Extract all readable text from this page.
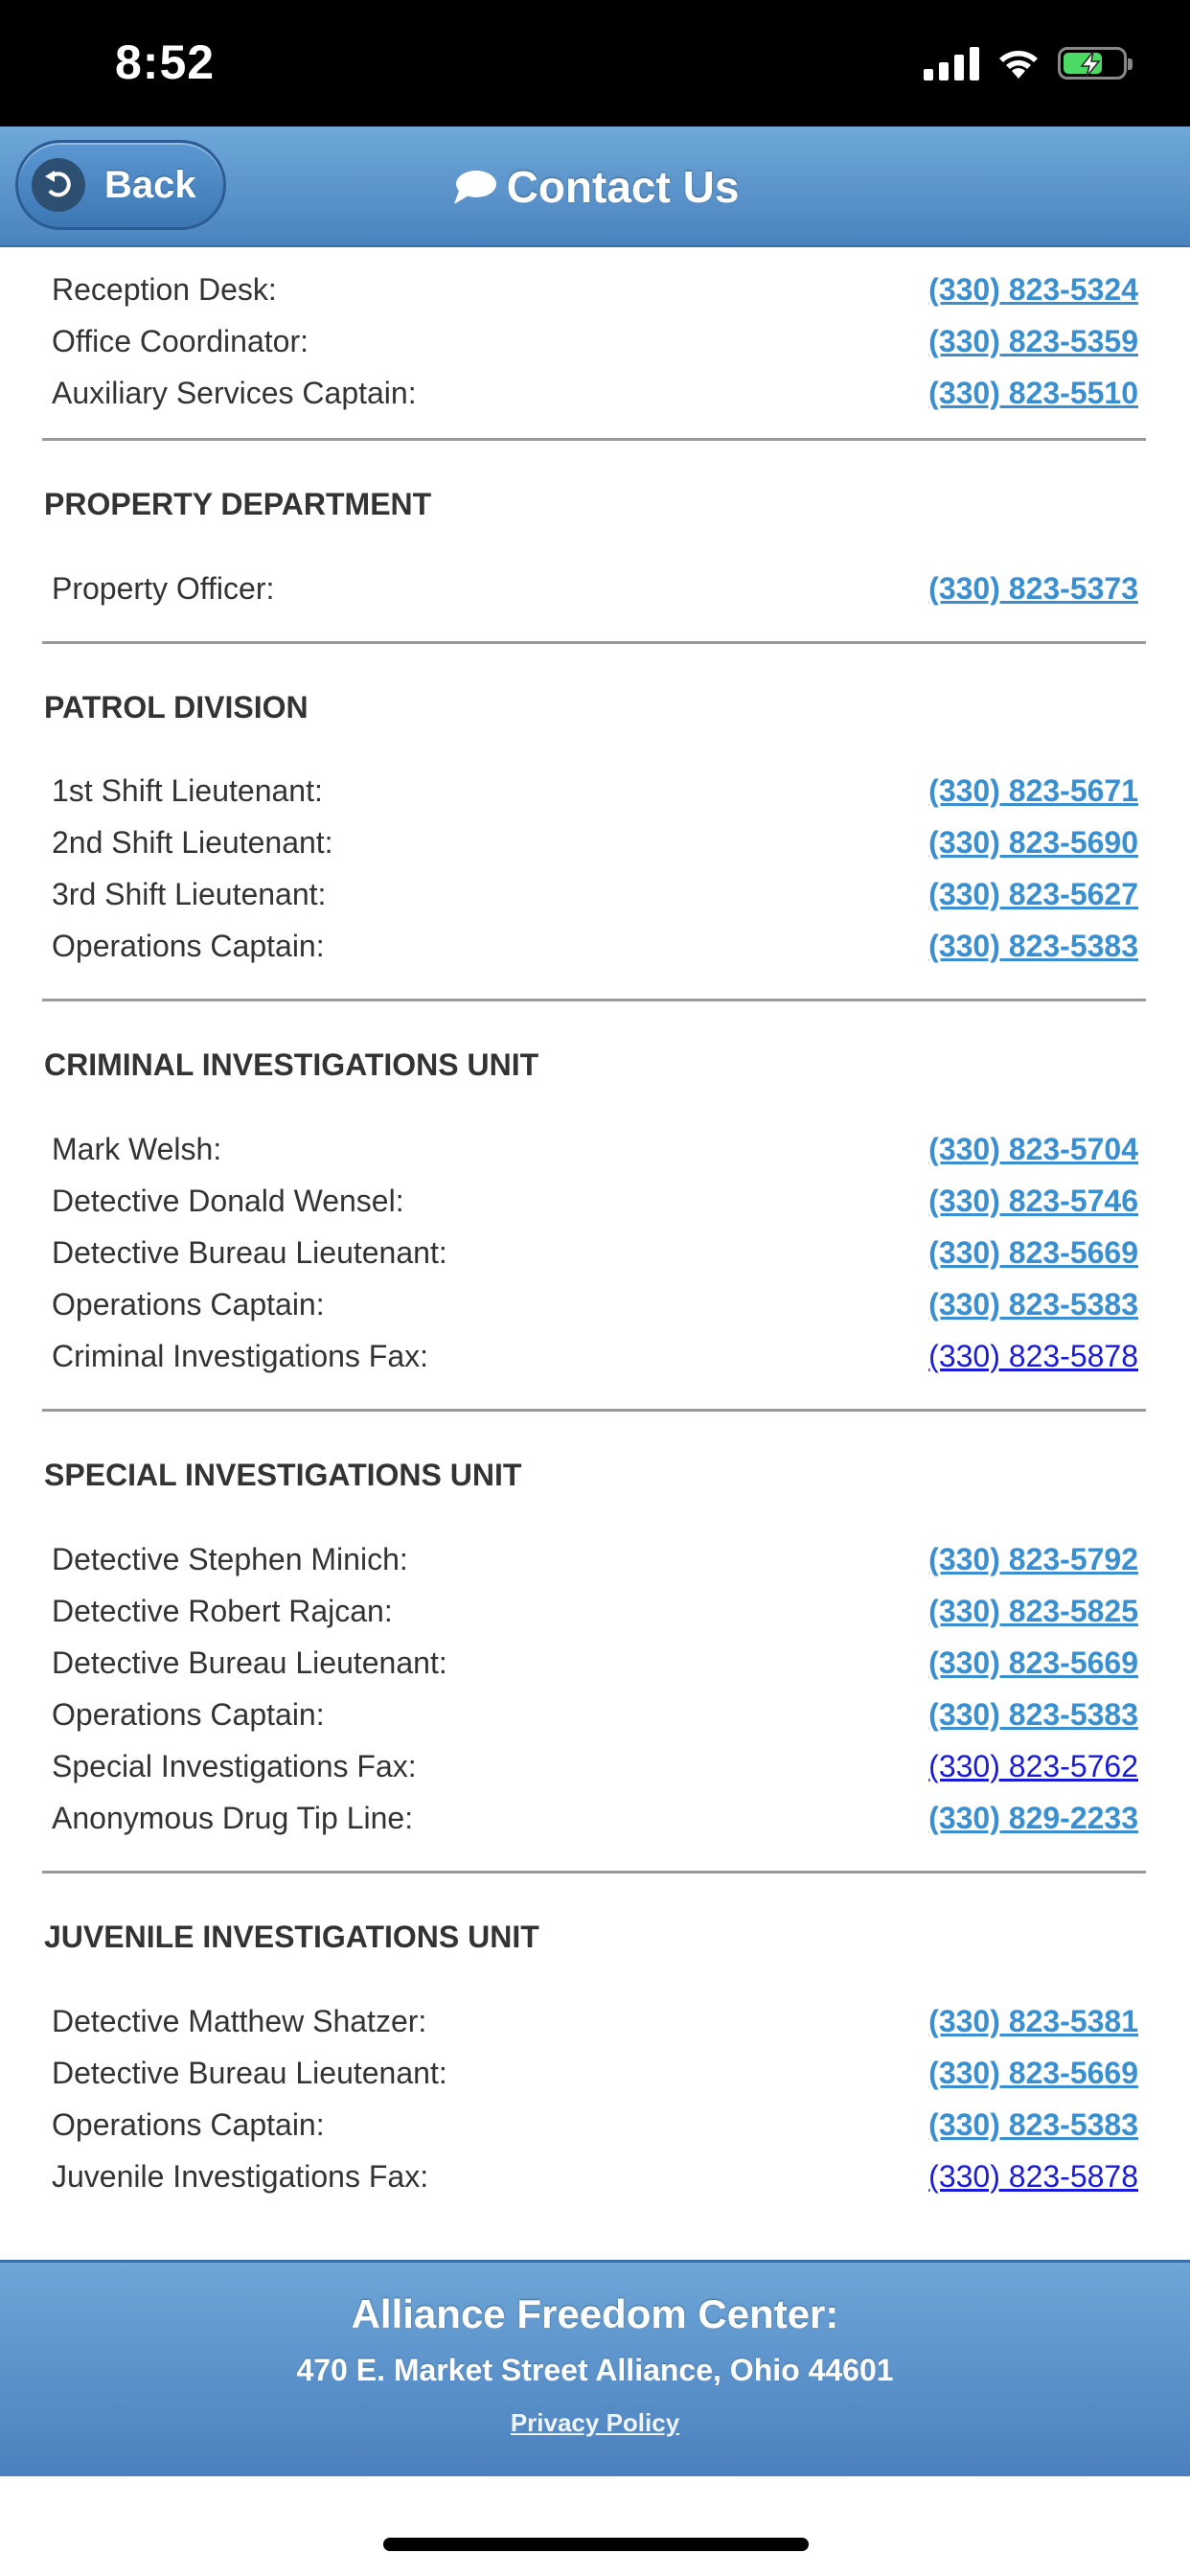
8:52
Back	Contact Us
Reception Desk:	(330) 823-5324
Office Coordinator:	(330) 823-5359
Auxiliary Services Captain:	(330) 823-5510
PROPERTY DEPARTMENT
Property Officer:	(330) 823-5373
PATROL DIVISION
1st Shift Lieutenant:	(330) 823-5671
2nd Shift Lieutenant:	(330) 823-5690
3rd Shift Lieutenant:	(330) 823-5627
Operations Captain:	(330) 823-5383
CRIMINAL INVESTIGATIONS UNIT
Mark Welsh:	(330) 823-5704
Detective Donald Wensel:	(330) 823-5746
Detective Bureau Lieutenant:	(330) 823-5669
Operations Captain:	(330) 823-5383
Criminal Investigations Fax:	(330) 823-5878
SPECIAL INVESTIGATIONS UNIT
Detective Stephen Minich:	(330) 823-5792
Detective Robert Rajcan:	(330) 823-5825
Detective Bureau Lieutenant:	(330) 823-5669
Operations Captain:	(330) 823-5383
Special Investigations Fax:	(330) 823-5762
Anonymous Drug Tip Line:	(330) 829-2233
JUVENILE INVESTIGATIONS UNIT
Detective Matthew Shatzer:	(330) 823-5381
Detective Bureau Lieutenant:	(330) 823-5669
Operations Captain:	(330) 823-5383
Juvenile Investigations Fax:	(330) 823-5878
Alliance Freedom Center:
470 E. Market Street Alliance, Ohio 44601
Privacy Policy
